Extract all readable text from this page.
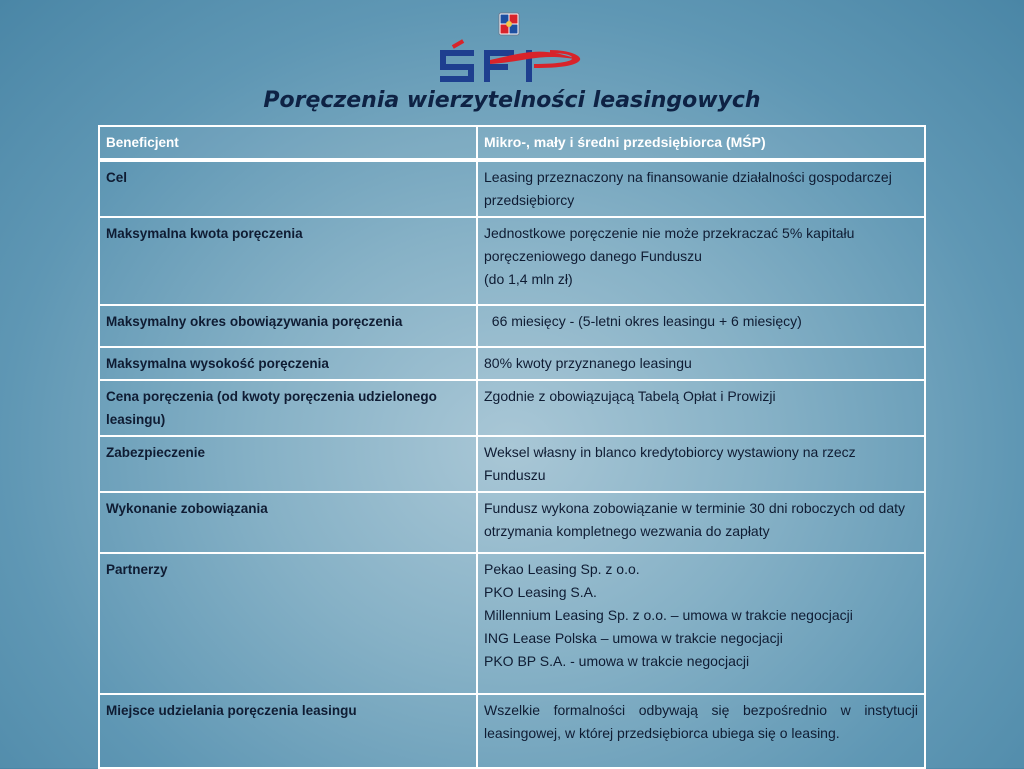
Poręczenia wierzytelności leasingowych
Beneficjent	Mikro-, mały i średni przedsiębiorca (MŚP)

Cel	Leasing przeznaczony na finansowanie działalności gospodarczej przedsiębiorcy

Maksymalna kwota poręczenia	Jednostkowe poręczenie nie może przekraczać 5% kapitału poręczeniowego danego Funduszu
(do 1,4 mln zł)

Maksymalny okres obowiązywania poręczenia	66 miesięcy - (5-letni okres leasingu + 6 miesięcy)

Maksymalna wysokość poręczenia	80% kwoty przyznanego leasingu

Cena poręczenia (od kwoty poręczenia udzielonego leasingu)	Zgodnie z obowiązującą Tabelą Opłat i Prowizji

Zabezpieczenie	Weksel własny in blanco kredytobiorcy wystawiony na rzecz Funduszu

Wykonanie zobowiązania	Fundusz wykona zobowiązanie w terminie 30 dni roboczych od daty otrzymania kompletnego wezwania do zapłaty

Partnerzy	Pekao Leasing Sp. z o.o.
PKO Leasing S.A.
Millennium Leasing Sp. z o.o. – umowa w trakcie negocjacji
ING Lease Polska – umowa w trakcie negocjacji
PKO BP S.A. - umowa w trakcie negocjacji

Miejsce udzielania poręczenia leasingu	Wszelkie formalności odbywają się bezpośrednio w instytucji leasingowej, w której przedsiębiorca ubiega się o leasing.
